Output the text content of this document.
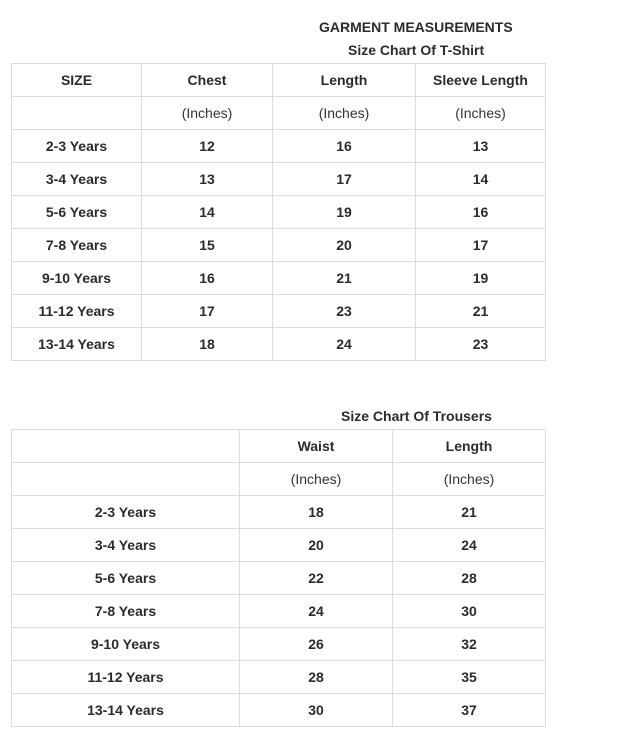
GARMENT MEASUREMENTS
Size Chart Of T-Shirt
SIZE	Chest	Length	Sleeve Length
	(Inches)	(Inches)	(Inches)
2-3 Years	12	16	13
3-4 Years	13	17	14
5-6 Years	14	19	16
7-8 Years	15	20	17
9-10 Years	16	21	19
11-12 Years	17	23	21
13-14 Years	18	24	23
Size Chart Of Trousers
	Waist	Length
	(Inches)	(Inches)
2-3 Years	18	21
3-4 Years	20	24
5-6 Years	22	28
7-8 Years	24	30
9-10 Years	26	32
11-12 Years	28	35
13-14 Years	30	37
